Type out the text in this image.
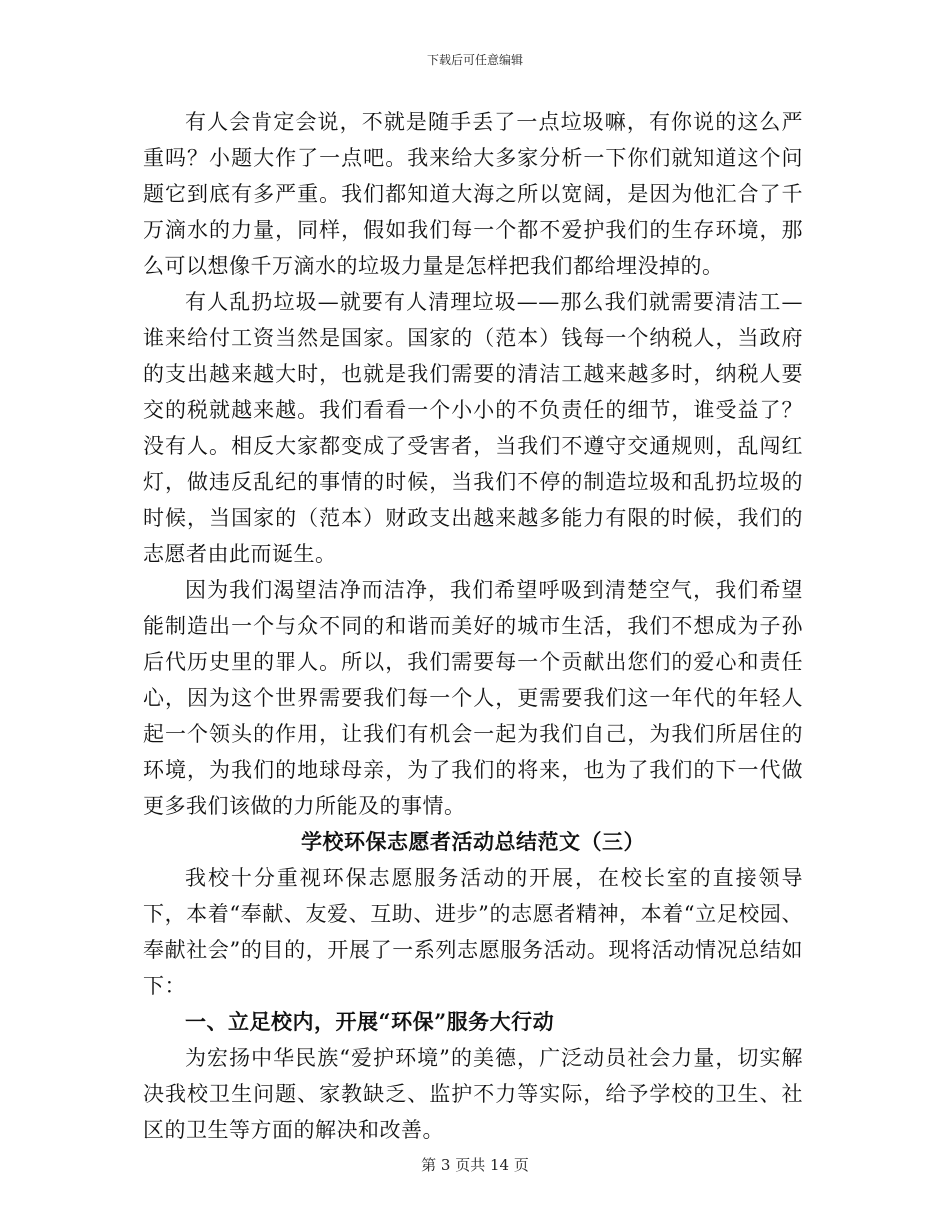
下载后可任意编辑

有人会肯定会说，不就是随手丢了一点垃圾嘛，有你说的这么严重吗？小题大作了一点吧。我来给大多家分析一下你们就知道这个问题它到底有多严重。我们都知道大海之所以宽阔，是因为他汇合了千万滴水的力量，同样，假如我们每一个都不爱护我们的生存环境，那么可以想像千万滴水的垃圾力量是怎样把我们都给埋没掉的。

有人乱扔垃圾—就要有人清理垃圾——那么我们就需要清洁工—谁来给付工资当然是国家。国家的（范本）钱每一个纳税人，当政府的支出越来越大时，也就是我们需要的清洁工越来越多时，纳税人要交的税就越来越。我们看看一个小小的不负责任的细节，谁受益了？没有人。相反大家都变成了受害者，当我们不遵守交通规则，乱闯红灯，做违反乱纪的事情的时候，当我们不停的制造垃圾和乱扔垃圾的时候，当国家的（范本）财政支出越来越多能力有限的时候，我们的志愿者由此而诞生。

因为我们渴望洁净而洁净，我们希望呼吸到清楚空气，我们希望能制造出一个与众不同的和谐而美好的城市生活，我们不想成为子孙后代历史里的罪人。所以，我们需要每一个贡献出您们的爱心和责任心，因为这个世界需要我们每一个人，更需要我们这一年代的年轻人起一个领头的作用，让我们有机会一起为我们自己，为我们所居住的环境，为我们的地球母亲，为了我们的将来，也为了我们的下一代做更多我们该做的力所能及的事情。

学校环保志愿者活动总结范文（三）

我校十分重视环保志愿服务活动的开展，在校长室的直接领导下，本着“奉献、友爱、互助、进步”的志愿者精神，本着“立足校园、奉献社会”的目的，开展了一系列志愿服务活动。现将活动情况总结如下：

一、立足校内，开展“环保”服务大行动

为宏扬中华民族“爱护环境”的美德，广泛动员社会力量，切实解决我校卫生问题、家教缺乏、监护不力等实际，给予学校的卫生、社区的卫生等方面的解决和改善。

第 3 页共 14 页
